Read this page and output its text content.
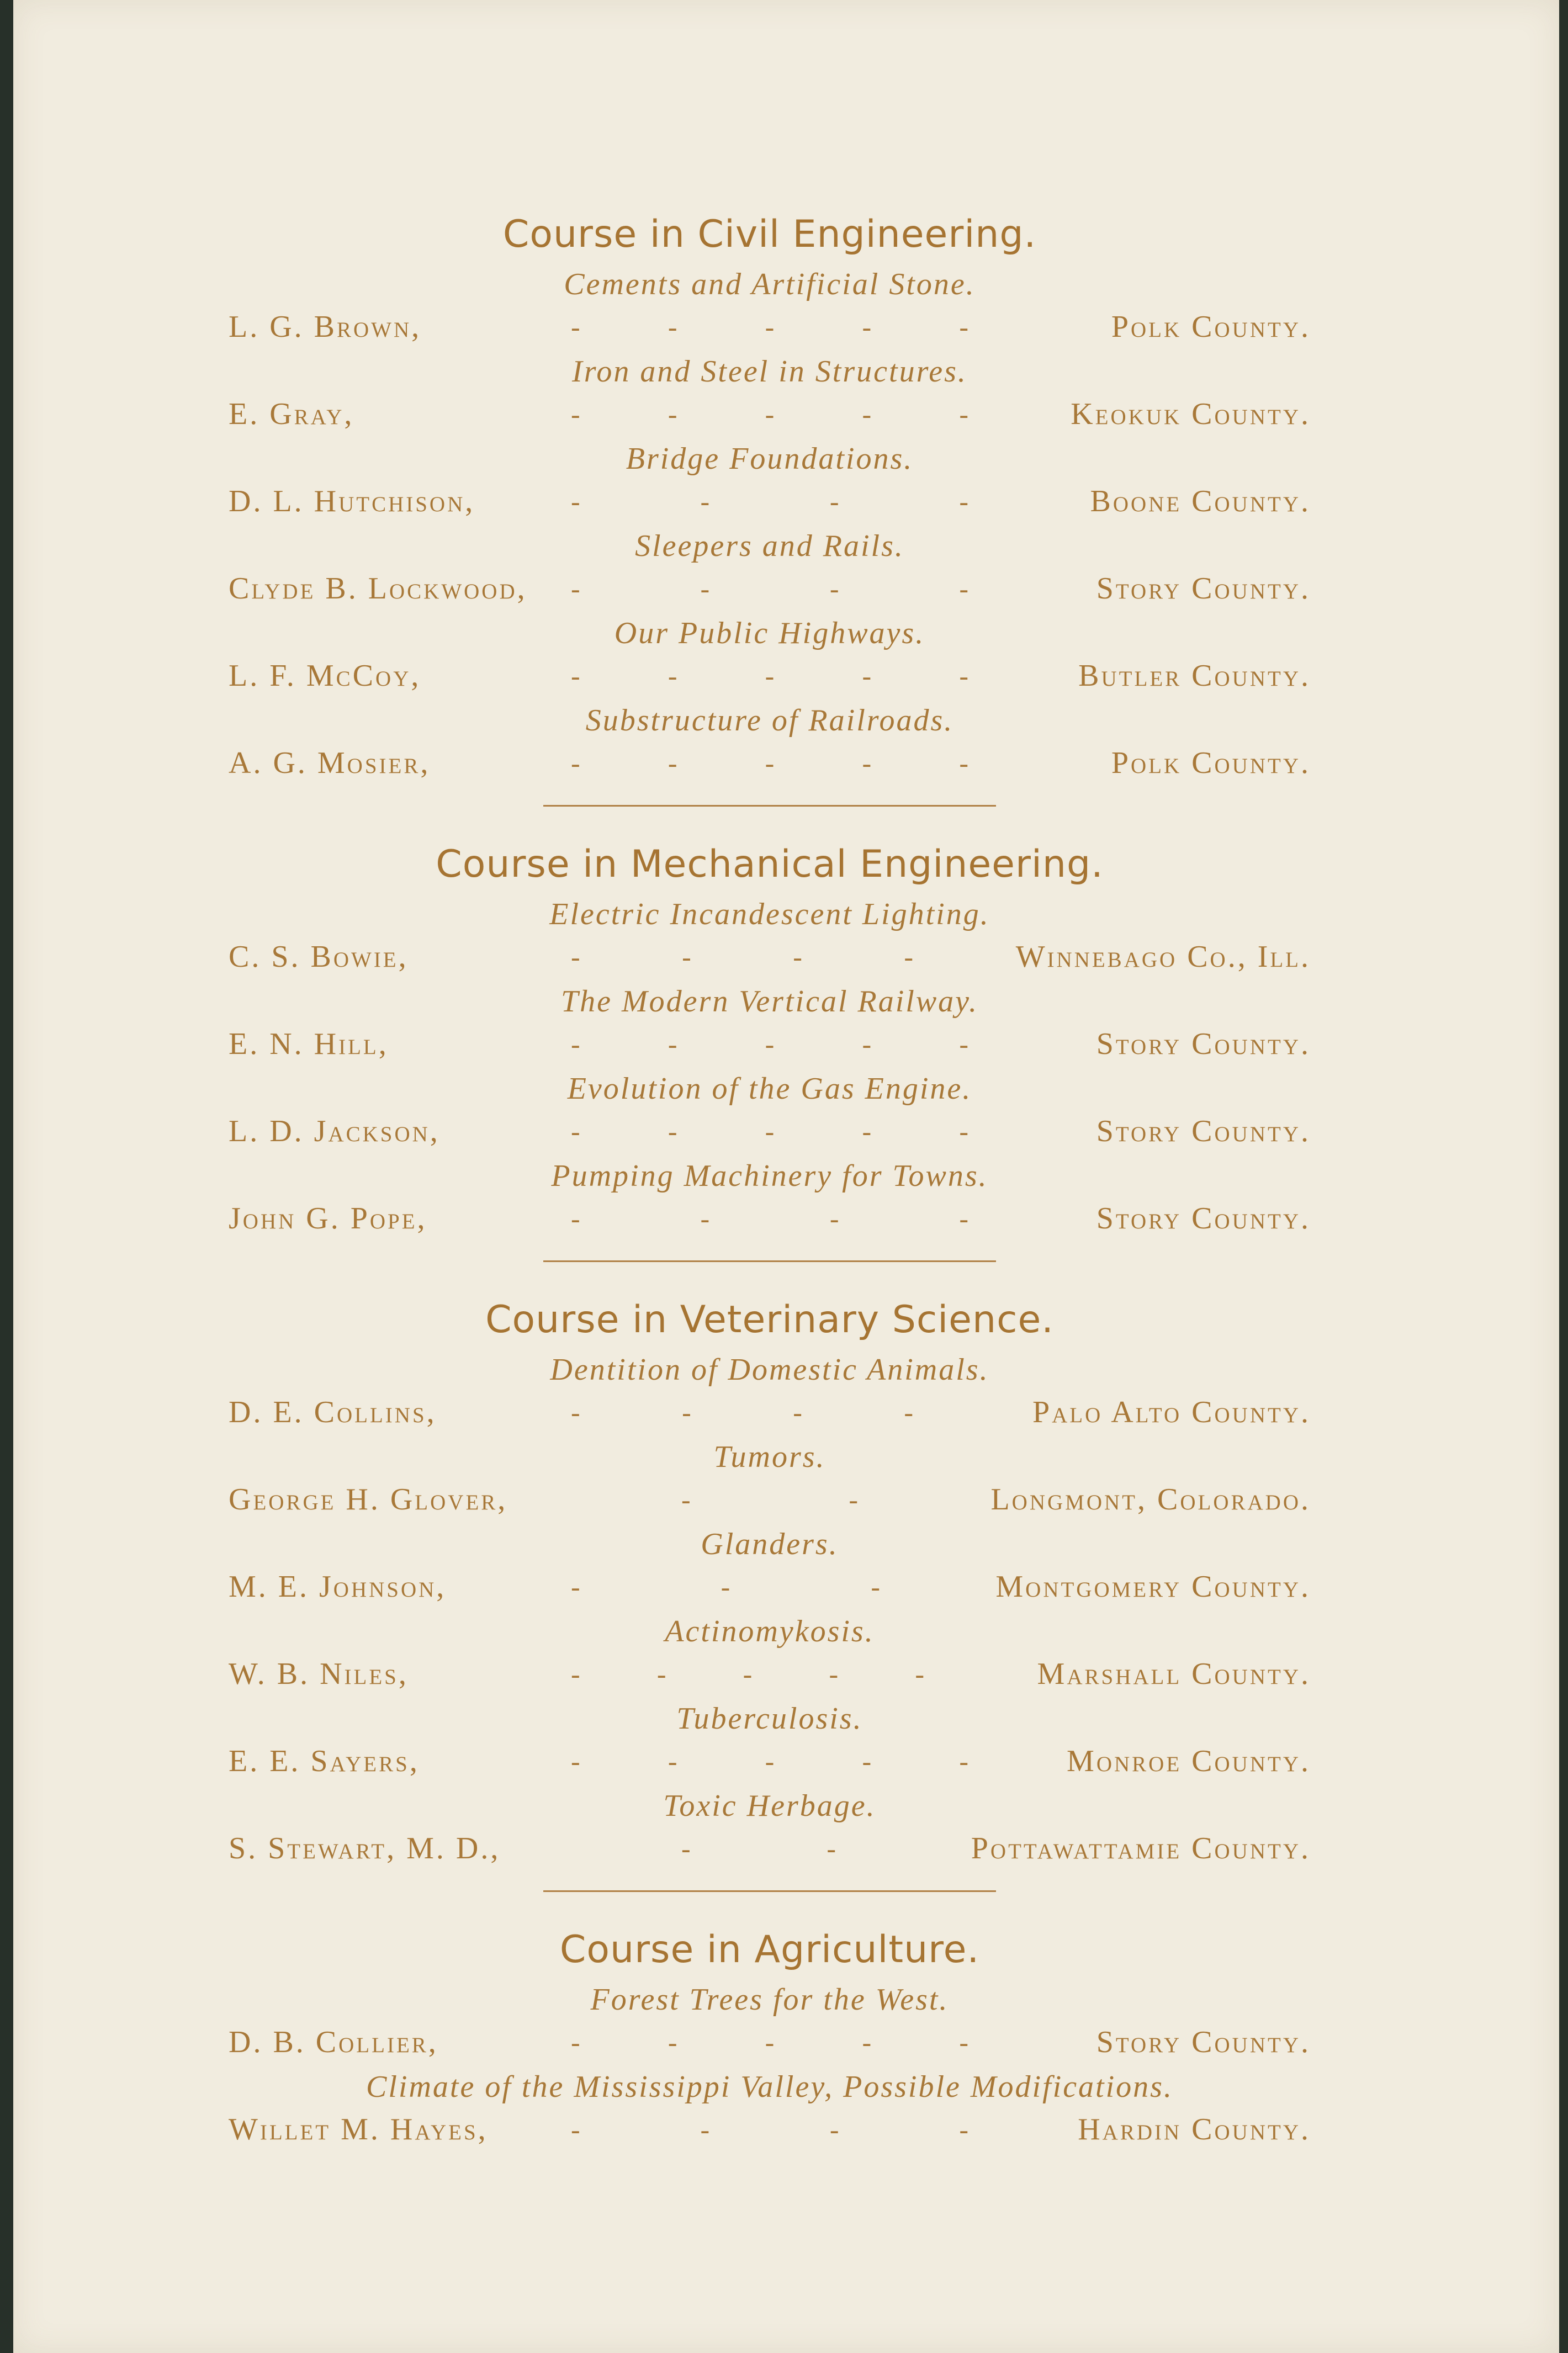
Course in Civil Engineering.
Cements and Artificial Stone.
L. G. Brown,	-	-	-	-	-	Polk County.
Iron and Steel in Structures.
E. Gray,	-	-	-	-	-	Keokuk County.
Bridge Foundations.
D. L. Hutchison,	-	-	-	-	Boone County.
Sleepers and Rails.
Clyde B. Lockwood, -	-	-	-	Story County.
Our Public Highways.
L. F. McCoy,	-	-	-	-	-	Butler County.
Substructure of Railroads.
A. G. Mosier,	-	-	-	-	-	Polk County.
Course in Mechanical Engineering.
Electric Incandescent Lighting.
C. S. Bowie,	-	-	-	-	Winnebago Co., Ill.
The Modern Vertical Railway.
E. N. Hill,	-	-	-	-	-	Story County.
Evolution of the Gas Engine.
L. D. Jackson,	-	-	-	-	-	Story County.
Pumping Machinery for Towns.
John G. Pope,	-	-	-	-	Story County.
Course in Veterinary Science.
Dentition of Domestic Animals.
D. E. Collins,	-	-	-	-	Palo Alto County.
Tumors.
George H. Glover,	-	-	Longmont, Colorado.
Glanders.
M. E. Johnson,	-	-	-	Montgomery County.
Actinomykosis.
W. B. Niles,	-	-	-	-	-	Marshall County.
Tuberculosis.
E. E. Sayers,	-	-	-	-	-	Monroe County.
Toxic Herbage.
S. Stewart, M. D.,	-	-	Pottawattamie County.
Course in Agriculture.
Forest Trees for the West.
D. B. Collier,	-	-	-	-	-	Story County.
Climate of the Mississippi Valley, Possible Modifications.
Willet M. Hayes,	-	-	-	-	Hardin County.
